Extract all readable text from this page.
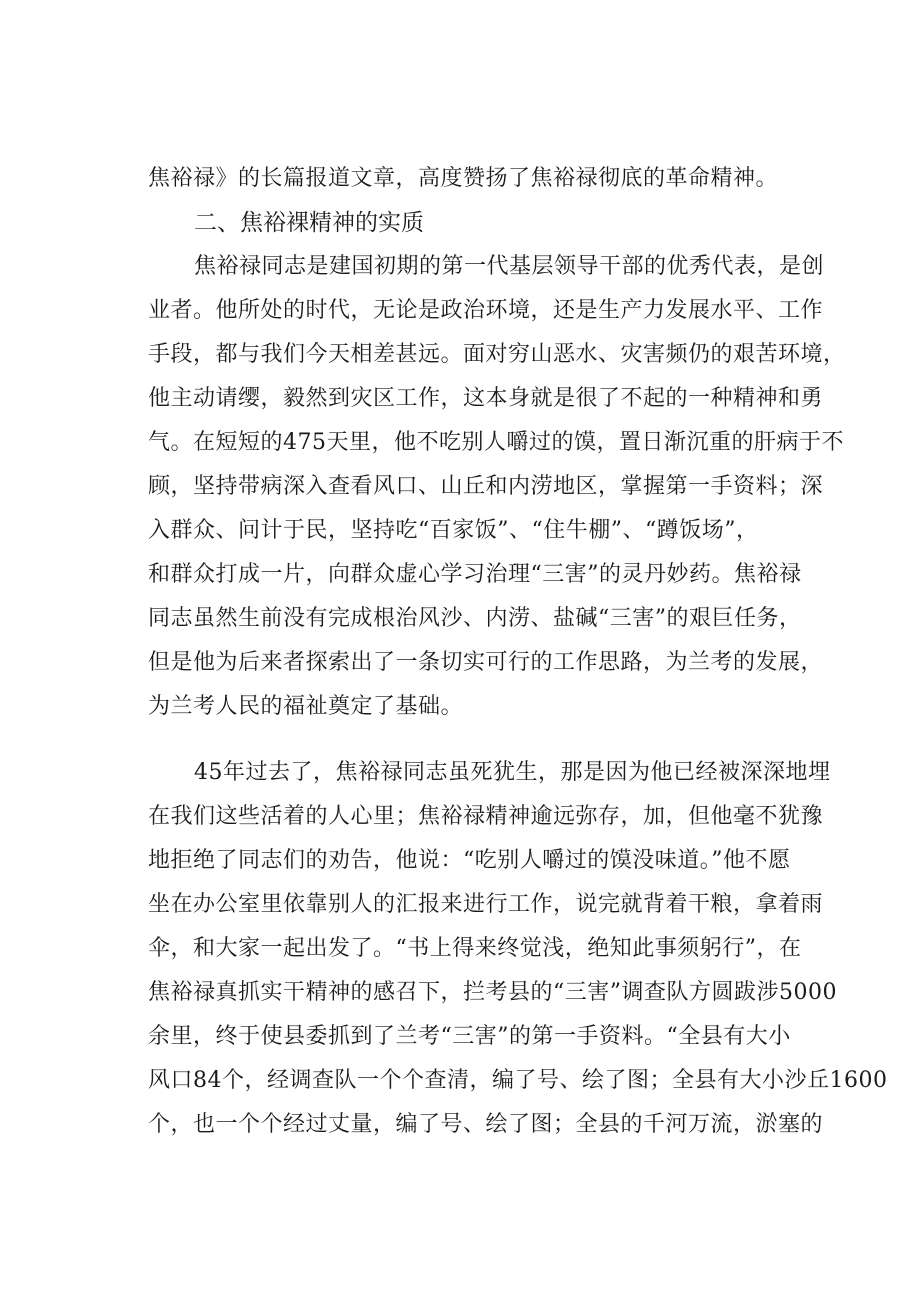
焦裕禄》的长篇报道文章，高度赞扬了焦裕禄彻底的革命精神。
二、焦裕裸精神的实质
焦裕禄同志是建国初期的第一代基层领导干部的优秀代表，是创
业者。他所处的时代，无论是政治环境，还是生产力发展水平、工作
手段，都与我们今天相差甚远。面对穷山恶水、灾害频仍的艰苦环境，
他主动请缨，毅然到灾区工作，这本身就是很了不起的一种精神和勇
气。在短短的475天里，他不吃别人嚼过的馍，置日渐沉重的肝病于不
顾，坚持带病深入查看风口、山丘和内涝地区，掌握第一手资料；深
入群众、问计于民，坚持吃“百家饭”、“住牛棚”、“蹲饭场”，
和群众打成一片，向群众虚心学习治理“三害”的灵丹妙药。焦裕禄
同志虽然生前没有完成根治风沙、内涝、盐碱“三害”的艰巨任务，
但是他为后来者探索出了一条切实可行的工作思路，为兰考的发展，
为兰考人民的福祉奠定了基础。
45年过去了，焦裕禄同志虽死犹生，那是因为他已经被深深地埋
在我们这些活着的人心里；焦裕禄精神逾远弥存，加，但他毫不犹豫
地拒绝了同志们的劝告，他说：“吃别人嚼过的馍没味道。”他不愿
坐在办公室里依靠别人的汇报来进行工作，说完就背着干粮，拿着雨
伞，和大家一起出发了。“书上得来终觉浅，绝知此事须躬行”，在
焦裕禄真抓实干精神的感召下，拦考县的“三害”调查队方圆跋涉5000
余里，终于使县委抓到了兰考“三害”的第一手资料。“全县有大小
风口84个，经调查队一个个查清，编了号、绘了图；全县有大小沙丘1600
个，也一个个经过丈量，编了号、绘了图；全县的千河万流，淤塞的
